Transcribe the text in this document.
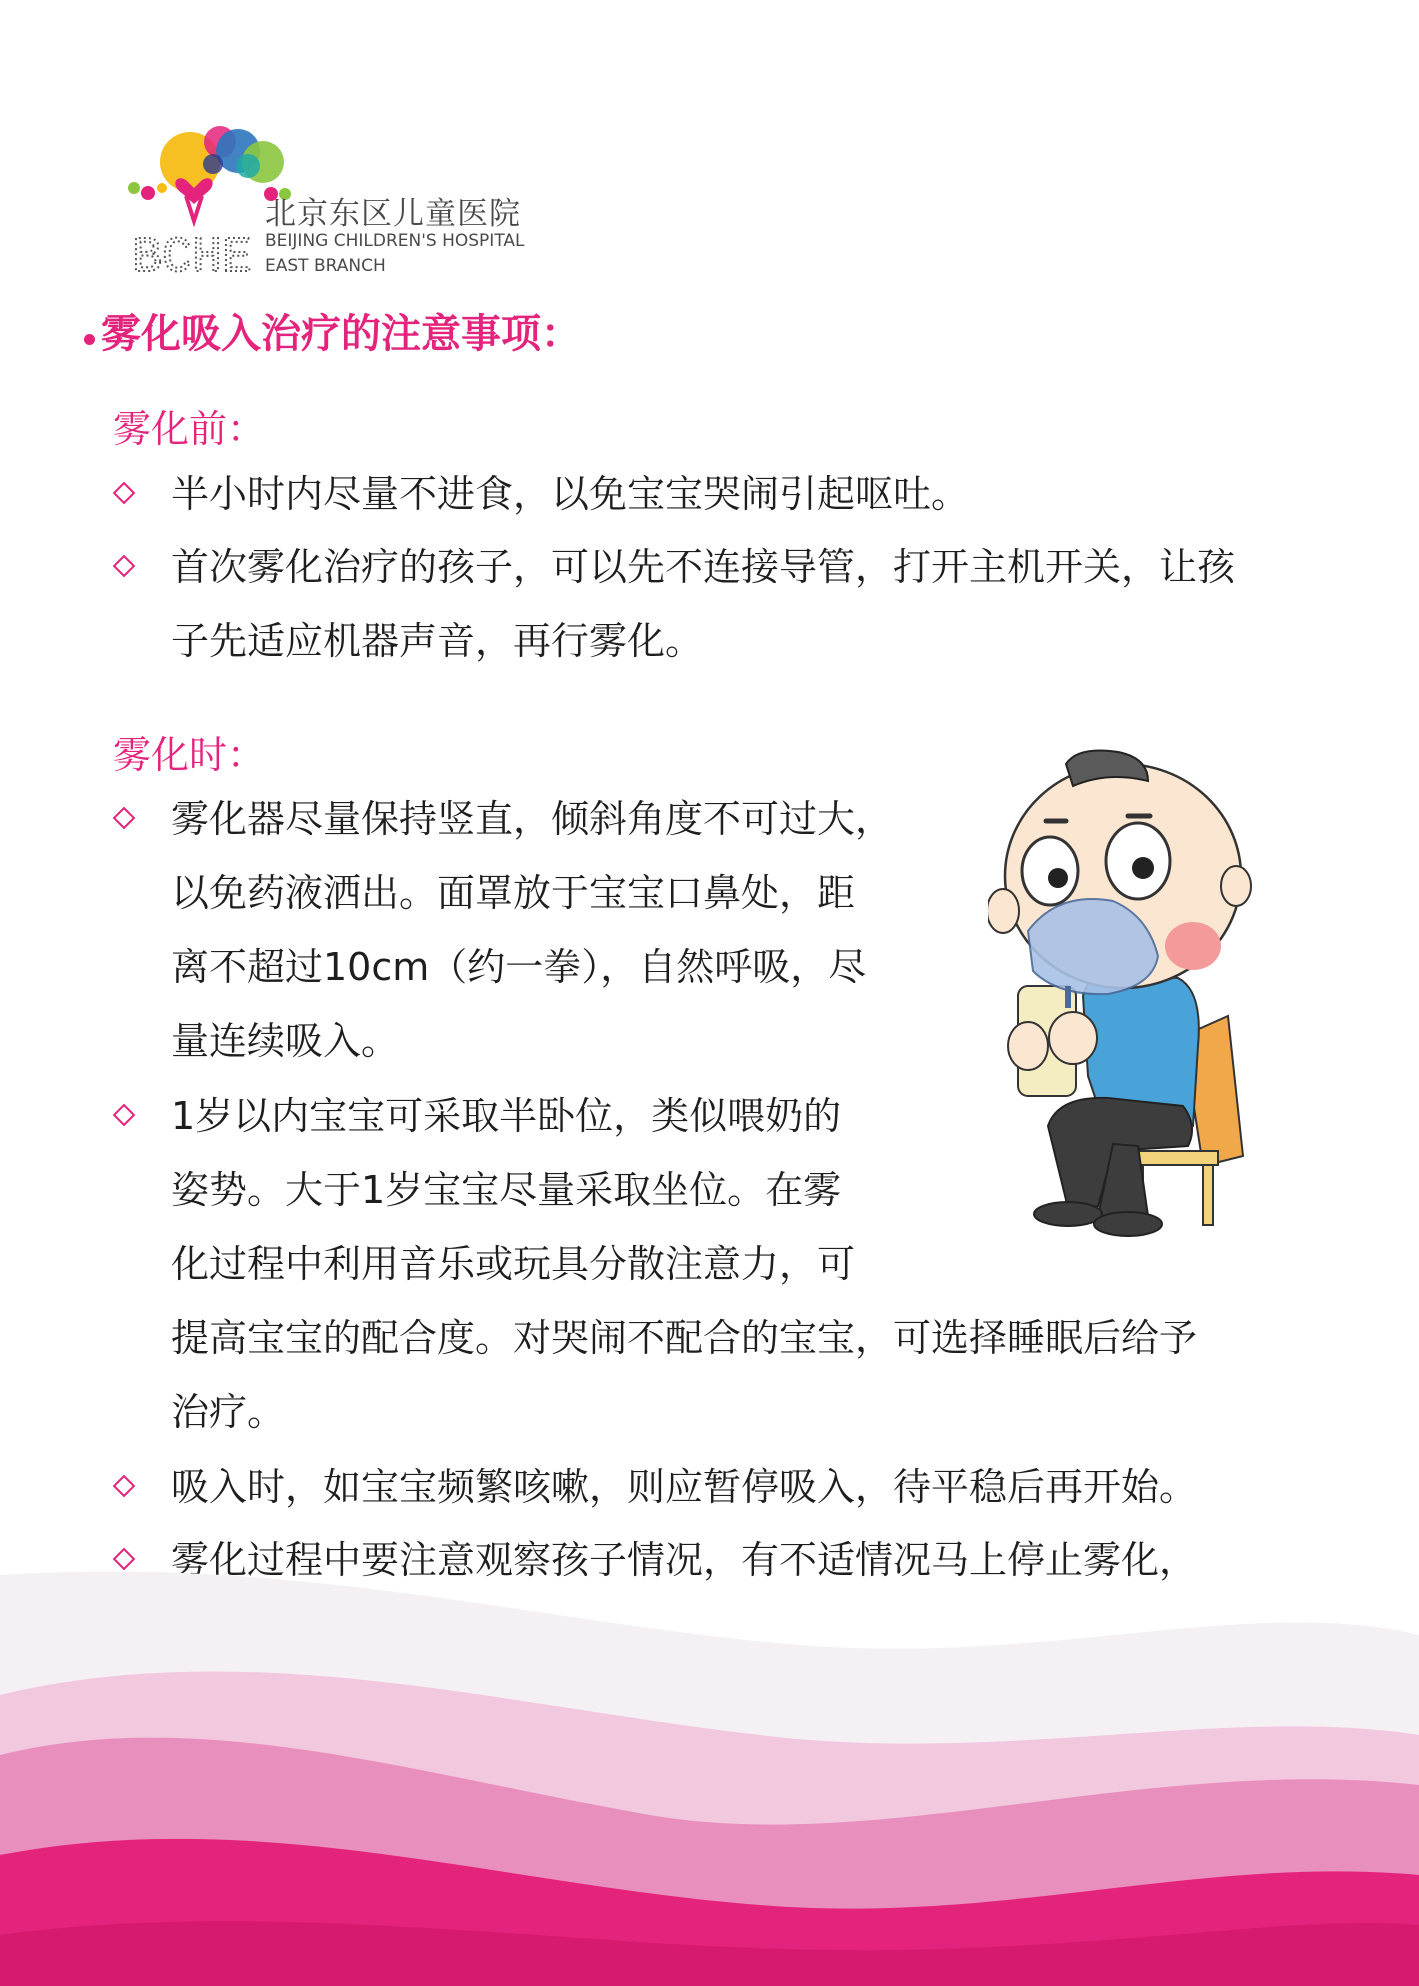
BCHE
北京东区儿童医院
BEIJING CHILDREN'S HOSPITAL
EAST BRANCH
雾化吸入治疗的注意事项：
雾化前：
半小时内尽量不进食，以免宝宝哭闹引起呕吐。
首次雾化治疗的孩子，可以先不连接导管，打开主机开关，让孩
子先适应机器声音，再行雾化。
雾化时：
雾化器尽量保持竖直，倾斜角度不可过大，
以免药液洒出。面罩放于宝宝口鼻处，距
离不超过10cm（约一拳），自然呼吸，尽
量连续吸入。
1岁以内宝宝可采取半卧位，类似喂奶的
姿势。大于1岁宝宝尽量采取坐位。在雾
化过程中利用音乐或玩具分散注意力，可
提高宝宝的配合度。对哭闹不配合的宝宝，可选择睡眠后给予
治疗。
吸入时，如宝宝频繁咳嗽，则应暂停吸入，待平稳后再开始。
雾化过程中要注意观察孩子情况，有不适情况马上停止雾化，
